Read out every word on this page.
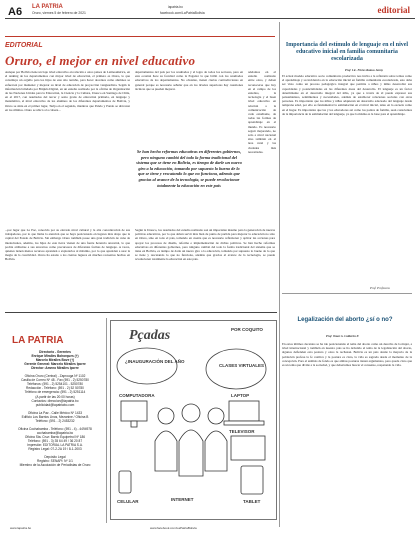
A6 LA PATRIA
Oruro, viernes 5 de febrero de 2021
lapatria.bo
facebook.com/LaPatriaBolivia	editorial
EDITORIAL
Oruro, el mejor en nivel educativo
Aunque por Bolivia tiene un bajo nivel educativo en relación a otros países de Latinoamérica, en el ranking de los departamentos con mayor nivel de educación, el primero es Oruro, lo que constituye un orgullo para los hijos de este alto terruño, para hacer docentes como alumnos se esfuercen por mantener y mejorar su nivel de educación de proyección vanguardista. Según la información brindada por Brújula Digital, en un estudio realizado por la oficina de Organización de las Naciones Unidas para la Educación, la Ciencia y la Cultura, Unesco en Santiago de Chile, en el 2017, con resultados del tercer y sexto grado de educación primaria, en lenguaje y matemática, el nivel educativo de los alumnos de los diferentes departamentos de Bolivia, y Oruro se sitúa en el primer lugar, Tarija en el segundo, mientras que Pando y Pando se ubicaron en los últimos. Oruro se ubicó a la cabeza...
...por lugar que La Paz, conocida por su elevado nivel cultural y la alta concentración de sus trabajadores, por lo que llama la atención que se haya posicionado en lugares más abajo que la capital del Estado de Bolivia. Sin embargo Oruro también posee una gran tradición de cuna de intelectuales, además, los hijos de este tierra vienen de una fuerte herencia ancestral, lo que podría atribuirse a sus ancestros como precursores de diferentes formas de lenguaje. A veces, quienes tienen menos recursos aprenden a explotarlos al máximo, por lo que aprenden a usar la magia de la creatividad. Oruro ha estado a los cientos lugares en muchos recuentos hechos en Bolivia.
departamentos del país por los resultados y el logro de todos los sectores, pero en esta ocasión hace su facultad como la Pagador la que brilló con los resultados educativos de los departamentos. No obstante, tienen ciertas contradicciones en general porque es necesario señalar que en los niveles superiores hay cuestiones técnicas que se pueden mejorar.
Se han hecho reformas educativas en diferentes gobiernos, pero ninguno cambió del todo la forma tradicional del sistema que se tiene en Bolivia, es tiempo de darle un nuevo giro a la educación, tomando por supuesto lo bueno de lo que se tiene y rescatando lo que no funciona, además que gracias al avance de la tecnología, se puede revolucionar totalmente la educación en este país
Según la Unesco, los resultados del estudio realizado son un importante insumo para la generación de nuevas políticas educativas, por lo que deben servir más bien de punto de partida para mejorar la educación no sólo en Oruro, sino en todo el país, tomando en cuenta que es necesario reflexionar y aplicar las acciones para apoyar los procesos de diseño, reforma e implementación de dichas políticas. Se han hecho reformas educativas en diferentes gobiernos, pero ninguno cambió del todo la forma tradicional del sistema que se tiene en Bolivia, es tiempo de darle un nuevo giro a la educación, tomando por supuesto lo bueno de lo que se tiene y rescatando lo que no funciona, además que gracias al avance de la tecnología, se puede revolucionar totalmente la educación en este país.
adelantos en el estudio realizado entre otros, y deben reconocerse que hoy en el campo de los estudios, la tecnología y el buen nivel educativo en relación a la comunicación de cada estudiante, de todas las formas de aprendizaje en el mundo. Es necesario seguir mejorando, no sólo a nivel nacional sino también en el área rural y las ciudades más necesitadas.
Importancia del estímulo de lenguaje en el nivel educativo inicial en familia comunitaria escolarizada
Prof. Lic. Flores Ramos Jenny
El actual modelo educativo socio comunitario productivo nos invita a la reflexión sobre temas como el aprendizaje y su incidencia en la educación inicial en familia comunitaria escolarizada, esto debe ser visto como un proceso pedagógico integral que permite a niños y niñas desarrollar sus capacidades y potencialidades en las diferentes áreas del desarrollo. El lenguaje es un factor determinante en el desarrollo integral del niño, ya que a través de él puede expresar sus pensamientos, sentimientos y necesidades, además de establecer relaciones sociales con otras personas. Es importante que los niños y niñas adquieran un desarrollo adecuado del lenguaje desde temprana edad, por ello es fundamental la estimulación en el nivel inicial, tanto en la escuela como en el hogar. Es importante que las y los educadores así como los padres de familia, sean conscientes de la importancia de la estimulación del lenguaje, ya que la misma es la base para el aprendizaje.
Prof. Profesora
Legalización del aborto ¿sí o no?
Prof. Omar A. Calderón P.
En estos últimos decenios se ha ido posicionando el tema del aborto como un derecho de la mujer, a nivel internacional y también en nuestro país se ha debatido el tema de la legalización del aborto, algunos defienden esta postura y otros la rechazan. Bolivia es un país donde la mayoría de la población profesa la fe católica y la postura es clara, la vida es sagrada desde el momento de la concepción. Para el análisis de fondo es que ambas posturas tienen argumentos, pero queda claro que es un tema que divide a la sociedad, y que deberíamos buscar el consenso, respetando la vida.
LA PATRIA
Directorio - Gerentes
Enrique Miralles Bohorques (†)
Marcelo Miralles Bove (†)
Gerente General: Marcelo Miralles Iporre
Director: Ameno Miralles Iporre

Oficina Oruro (Central) - Zaprouga Nº 1102
Casilla de Correo Nº 48 - Fax (591 - 2) 5250780
Teléfonos: (591 - 2) 5254101 - 5250780
Redacción - Teléfono: (591 - 2) 52 50780
Teléfono de emergencia: (591 - 2) 5251114
(A partir de las 20:00 horas)
Contactos: direccion@lapatria.bo
publicidad@lapatriabo.com

Oficina La Paz - Calle México Nº 1433
Edificio Los Barrios Unos, Mezanine / Oficina B
Teléfono: (591 - 2) 2453232

Oficina Cochabamba - Teléfono: (591 - 4) - 4494978
cochabamba@lapatria.bo
Oficina Sta. Cruz: Barrio Equipetrol Nº 186
Teléfono: (591 - 3) 35 64 49 / 36 20 87
Impresión: EDITORIAL LA PATRIA S.A.
Registro Legal: 07-2-2A 19 / 8-1-2003

Depósito Legal
Registro: SENAPI: Nº 1/1
Miembro de la Asociación de Periodistas de Oruro
Pçadas	POR COQUITO
¿INAUGURACIÓN DEL AÑO
CLASES VIRTUALES
COMPUTADORA	LAPTOP
TABLET
CELULAR	INTERNET
TELEVISOR
www.lapatria.bo	www.facebook.com/LaPatriaBolivia
